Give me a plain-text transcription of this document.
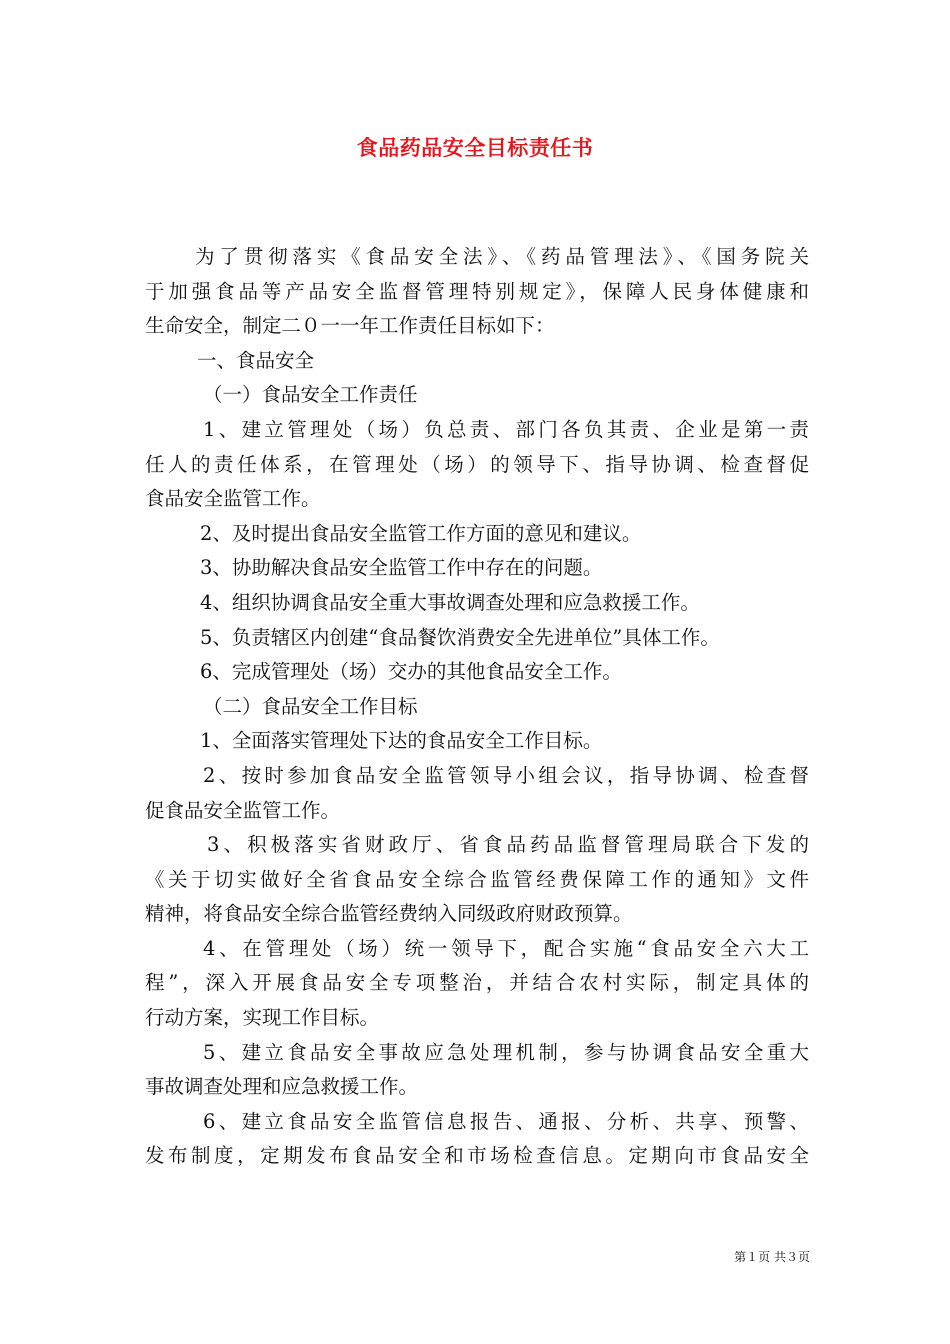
食品药品安全目标责任书
为了贯彻落实《食品安全法》、《药品管理法》、《国务院关
于加强食品等产品安全监督管理特别规定》，保障人民身体健康和
生命安全，制定二０一一年工作责任目标如下：
一、食品安全
（一）食品安全工作责任
1、建立管理处（场）负总责、部门各负其责、企业是第一责
任人的责任体系，在管理处（场）的领导下、指导协调、检查督促
食品安全监管工作。
2、及时提出食品安全监管工作方面的意见和建议。
3、协助解决食品安全监管工作中存在的问题。
4、组织协调食品安全重大事故调查处理和应急救援工作。
5、负责辖区内创建“食品餐饮消费安全先进单位”具体工作。
6、完成管理处（场）交办的其他食品安全工作。
（二）食品安全工作目标
1、全面落实管理处下达的食品安全工作目标。
2、按时参加食品安全监管领导小组会议，指导协调、检查督
促食品安全监管工作。
3、积极落实省财政厅、省食品药品监督管理局联合下发的
《关于切实做好全省食品安全综合监管经费保障工作的通知》文件
精神，将食品安全综合监管经费纳入同级政府财政预算。
4、在管理处（场）统一领导下，配合实施“食品安全六大工
程”，深入开展食品安全专项整治，并结合农村实际，制定具体的
行动方案，实现工作目标。
5、建立食品安全事故应急处理机制，参与协调食品安全重大
事故调查处理和应急救援工作。
6、建立食品安全监管信息报告、通报、分析、共享、预警、
发布制度，定期发布食品安全和市场检查信息。定期向市食品安全
第１页 共３页
